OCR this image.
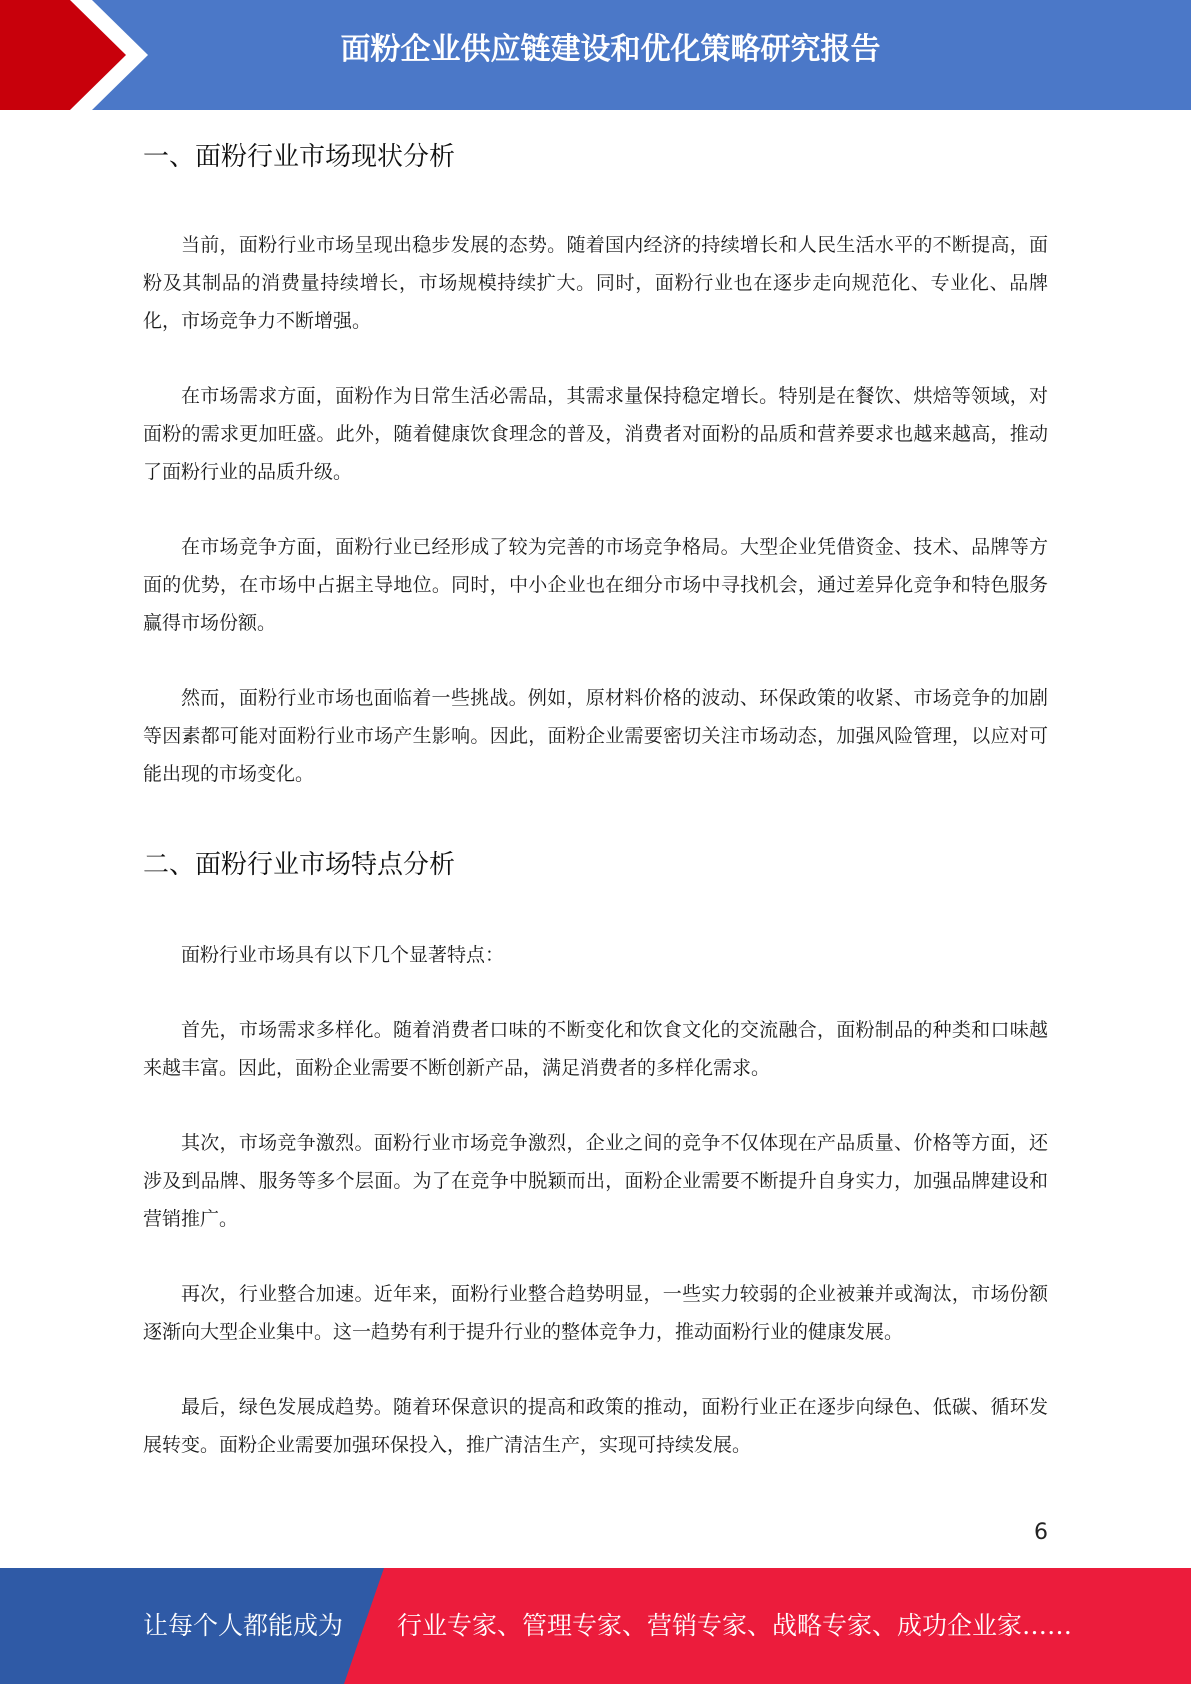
面粉企业供应链建设和优化策略研究报告
一、面粉行业市场现状分析

当前，面粉行业市场呈现出稳步发展的态势。随着国内经济的持续增长和人民生活水平的不断提高，面粉及其制品的消费量持续增长，市场规模持续扩大。同时，面粉行业也在逐步走向规范化、专业化、品牌化，市场竞争力不断增强。

在市场需求方面，面粉作为日常生活必需品，其需求量保持稳定增长。特别是在餐饮、烘焙等领域，对面粉的需求更加旺盛。此外，随着健康饮食理念的普及，消费者对面粉的品质和营养要求也越来越高，推动了面粉行业的品质升级。

在市场竞争方面，面粉行业已经形成了较为完善的市场竞争格局。大型企业凭借资金、技术、品牌等方面的优势，在市场中占据主导地位。同时，中小企业也在细分市场中寻找机会，通过差异化竞争和特色服务赢得市场份额。

然而，面粉行业市场也面临着一些挑战。例如，原材料价格的波动、环保政策的收紧、市场竞争的加剧等因素都可能对面粉行业市场产生影响。因此，面粉企业需要密切关注市场动态，加强风险管理，以应对可能出现的市场变化。

二、面粉行业市场特点分析

面粉行业市场具有以下几个显著特点：

首先，市场需求多样化。随着消费者口味的不断变化和饮食文化的交流融合，面粉制品的种类和口味越来越丰富。因此，面粉企业需要不断创新产品，满足消费者的多样化需求。

其次，市场竞争激烈。面粉行业市场竞争激烈，企业之间的竞争不仅体现在产品质量、价格等方面，还涉及到品牌、服务等多个层面。为了在竞争中脱颖而出，面粉企业需要不断提升自身实力，加强品牌建设和营销推广。

再次，行业整合加速。近年来，面粉行业整合趋势明显，一些实力较弱的企业被兼并或淘汰，市场份额逐渐向大型企业集中。这一趋势有利于提升行业的整体竞争力，推动面粉行业的健康发展。

最后，绿色发展成趋势。随着环保意识的提高和政策的推动，面粉行业正在逐步向绿色、低碳、循环发展转变。面粉企业需要加强环保投入，推广清洁生产，实现可持续发展。

6
让每个人都能成为 行业专家、管理专家、营销专家、战略专家、成功企业家……
